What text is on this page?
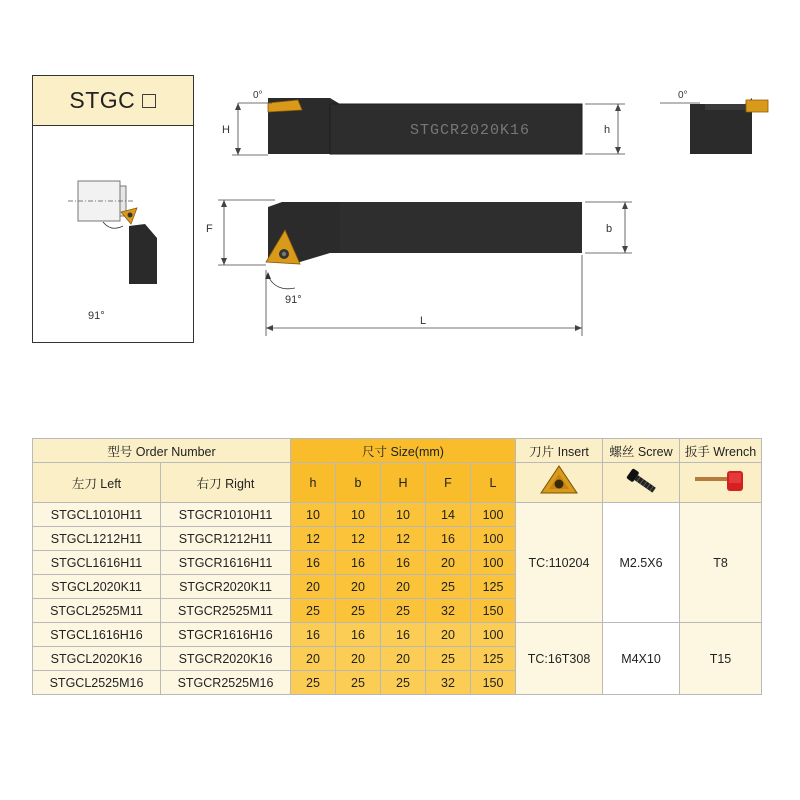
STGC □
91°
STGCR2020K16
0°
H	h
0°
F	b
91°
L
型号 Order Number		尺寸 Size(mm)					刀片 Insert	螺丝 Screw	扳手 Wrench
左刀 Left	右刀 Right	h	b	H	F	L			
STGCL1010H11	STGCR1010H11	10	10	10	14	100	TC:110204	M2.5X6	T8
STGCL1212H11	STGCR1212H11	12	12	12	16	100			
STGCL1616H11	STGCR1616H11	16	16	16	20	100			
STGCL2020K11	STGCR2020K11	20	20	20	25	125			
STGCL2525M11	STGCR2525M11	25	25	25	32	150			
STGCL1616H16	STGCR1616H16	16	16	16	20	100	TC:16T308	M4X10	T15
STGCL2020K16	STGCR2020K16	20	20	20	25	125			
STGCL2525M16	STGCR2525M16	25	25	25	32	150			
